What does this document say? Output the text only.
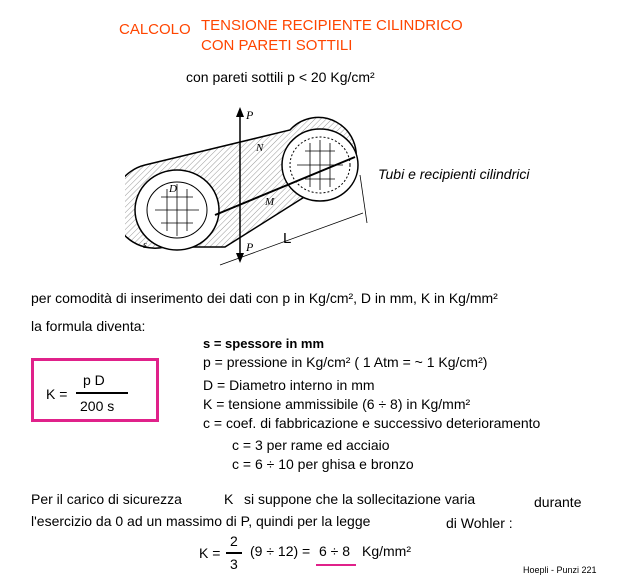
CALCOLO TENSIONE RECIPIENTE CILINDRICO
CON PARETI SOTTILI
con pareti sottili p < 20 Kg/cm²
P
P
N
M
D
s	L
Tubi e recipienti cilindrici
per comodità di inserimento dei dati con p in Kg/cm², D in mm, K in Kg/mm²
la formula diventa:
K =
p D
200 s
s = spessore in mm
p = pressione in Kg/cm² ( 1 Atm = ~ 1 Kg/cm²)
D = Diametro interno in mm
K = tensione ammissibile (6 ÷ 8) in Kg/mm²
c = coef. di fabbricazione e successivo deterioramento
c = 3 per rame ed acciaio
c = 6 ÷ 10 per ghisa e bronzo
Per il carico di sicurezza	K si suppone che la sollecitazione varia	durante
l'esercizio da 0 ad un massimo di P, quindi per la legge	di Wohler :
K =
2
3
(9 ÷ 12) = 6 ÷ 8 Kg/mm²
Hoepli - Punzi 221
